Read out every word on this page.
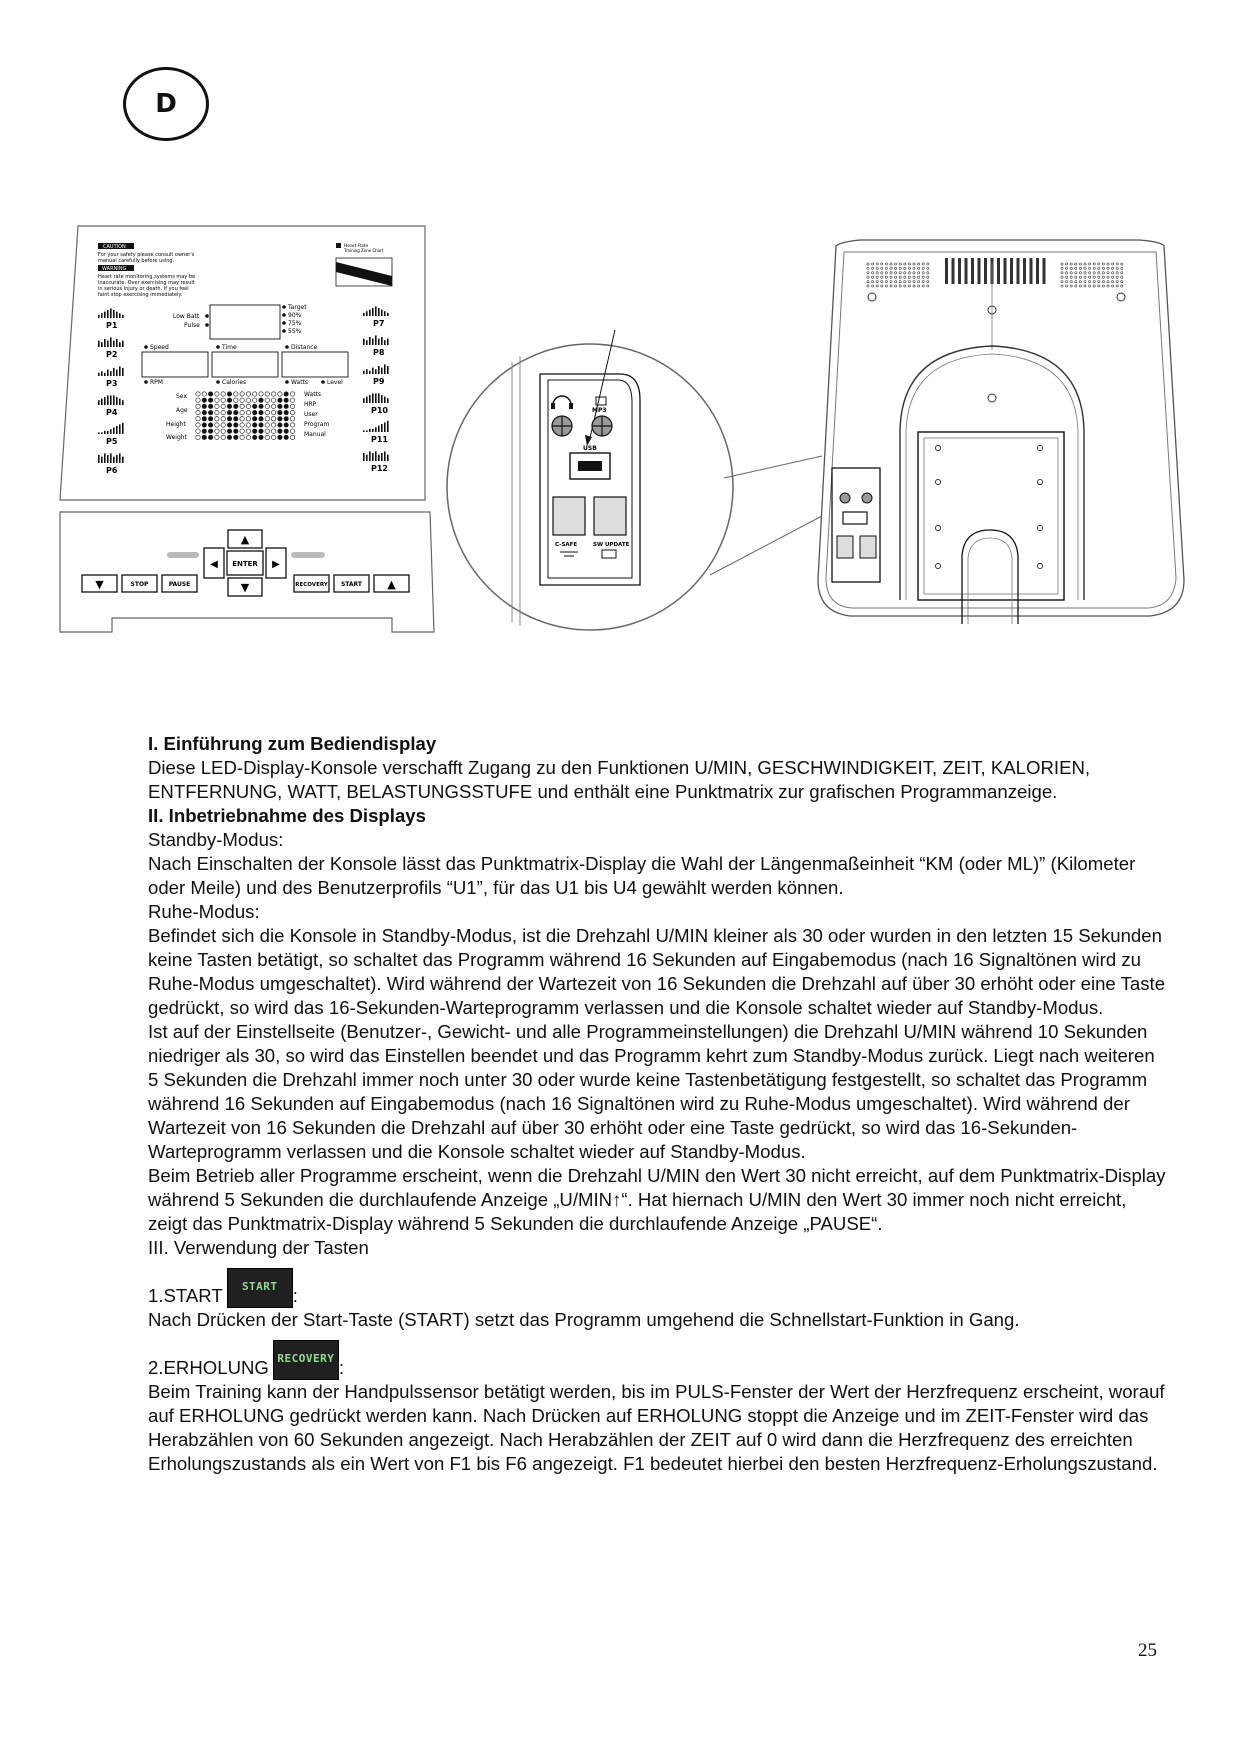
D
CAUTION
For your safety please consult owner's
manual carefully before using.
WARNING
Heart rate monitoring systems may be
inaccurate. Over exercising may result
in serious injury or death. If you feel
faint stop exercising immediately.
Heart Rate
Training Zone Chart
P1
P2
P3
P4
P5
P6
P7
P8
P9
P10
P11
P12
Low Batt
Pulse
Target
90%
75%
55%
Speed	Time	Distance
RPM	Calories	Watts	Level
Sex
Age
Height
Weight
Watts
HRP
User
Program
Manual
▼	STOP	PAUSE	RECOVERY START ▲
▲
▼
◀	▶
ENTER
MP3
USB
C-SAFE	SW UPDATE

I. Einführung zum Bediendisplay

Diese LED-Display-Konsole verschafft Zugang zu den Funktionen U/MIN, GESCHWINDIGKEIT, ZEIT, KALORIEN, ENTFERNUNG, WATT, BELASTUNGSSTUFE und enthält eine Punktmatrix zur grafischen Programmanzeige.

II. Inbetriebnahme des Displays

Standby-Modus:

Nach Einschalten der Konsole lässt das Punktmatrix-Display die Wahl der Längenmaßeinheit “KM (oder ML)” (Kilometer oder Meile) und des Benutzerprofils “U1”, für das U1 bis U4 gewählt werden können.

Ruhe-Modus:

Befindet sich die Konsole in Standby-Modus, ist die Drehzahl U/MIN kleiner als 30 oder wurden in den letzten 15 Sekunden keine Tasten betätigt, so schaltet das Programm während 16 Sekunden auf Eingabemodus (nach 16 Signaltönen wird zu Ruhe-Modus umgeschaltet). Wird während der Wartezeit von 16 Sekunden die Drehzahl auf über 30 erhöht oder eine Taste gedrückt, so wird das 16-Sekunden-Warteprogramm verlassen und die Konsole schaltet wieder auf Standby-Modus.

Ist auf der Einstellseite (Benutzer-, Gewicht- und alle Programmeinstellungen) die Drehzahl U/MIN während 10 Sekunden niedriger als 30, so wird das Einstellen beendet und das Programm kehrt zum Standby-Modus zurück. Liegt nach weiteren 5 Sekunden die Drehzahl immer noch unter 30 oder wurde keine Tastenbetätigung festgestellt, so schaltet das Programm während 16 Sekunden auf Eingabemodus (nach 16 Signaltönen wird zu Ruhe-Modus umgeschaltet). Wird während der Wartezeit von 16 Sekunden die Drehzahl auf über 30 erhöht oder eine Taste gedrückt, so wird das 16-Sekunden-Warteprogramm verlassen und die Konsole schaltet wieder auf Standby-Modus.

Beim Betrieb aller Programme erscheint, wenn die Drehzahl U/MIN den Wert 30 nicht erreicht, auf dem Punktmatrix-Display während 5 Sekunden die durchlaufende Anzeige „U/MIN↑“. Hat hiernach U/MIN den Wert 30 immer noch nicht erreicht, zeigt das Punktmatrix-Display während 5 Sekunden die durchlaufende Anzeige „PAUSE“.

III. Verwendung der Tasten

1.START	START :

Nach Drücken der Start-Taste (START) setzt das Programm umgehend die Schnellstart-Funktion in Gang.

2.ERHOLUNG RECOVERY :

Beim Training kann der Handpulssensor betätigt werden, bis im PULS-Fenster der Wert der Herzfrequenz erscheint, worauf auf ERHOLUNG gedrückt werden kann. Nach Drücken auf ERHOLUNG stoppt die Anzeige und im ZEIT-Fenster wird das Herabzählen von 60 Sekunden angezeigt. Nach Herabzählen der ZEIT auf 0 wird dann die Herzfrequenz des erreichten Erholungszustands als ein Wert von F1 bis F6 angezeigt. F1 bedeutet hierbei den besten Herzfrequenz-Erholungszustand.

25
